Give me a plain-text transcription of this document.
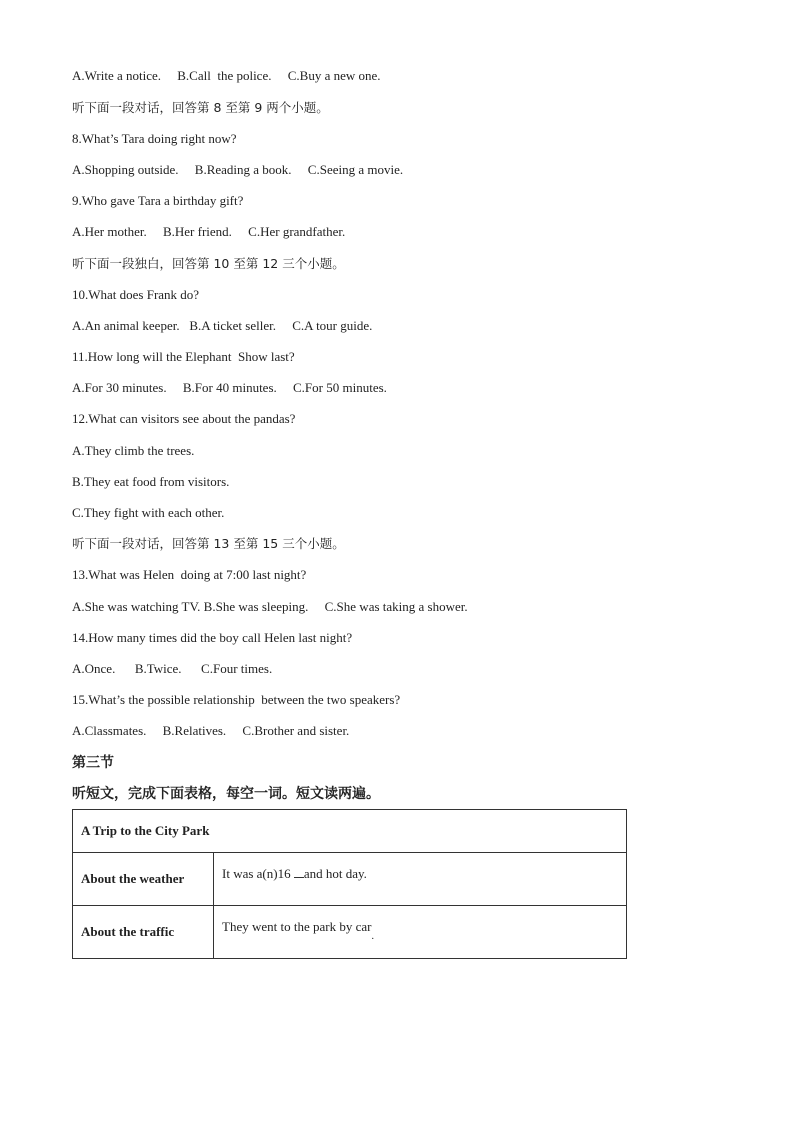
A.Write a notice.     B.Call  the police.     C.Buy a new one.
听下面一段对话，回答第 8 至第 9 两个小题。
8.What’s Tara doing right now?
A.Shopping outside.     B.Reading a book.     C.Seeing a movie.
9.Who gave Tara a birthday gift?
A.Her mother.     B.Her friend.     C.Her grandfather.
听下面一段独白，回答第 10 至第 12 三个小题。
10.What does Frank do?
A.An animal keeper.   B.A ticket seller.     C.A tour guide.
11.How long will the Elephant  Show last?
A.For 30 minutes.     B.For 40 minutes.     C.For 50 minutes.
12.What can visitors see about the pandas?
A.They climb the trees.
B.They eat food from visitors.
C.They fight with each other.
听下面一段对话，回答第 13 至第 15 三个小题。
13.What was Helen  doing at 7:00 last night?
A.She was watching TV. B.She was sleeping.     C.She was taking a shower.
14.How many times did the boy call Helen last night?
A.Once.      B.Twice.      C.Four times.
15.What’s the possible relationship  between the two speakers?
A.Classmates.     B.Relatives.     C.Brother and sister.
第三节
听短文，完成下面表格，每空一词。短文读两遍。
A Trip to the City Park	
About the weather	It was a(n)16 and hot day.

About the traffic	They went to the park by car$_.$
